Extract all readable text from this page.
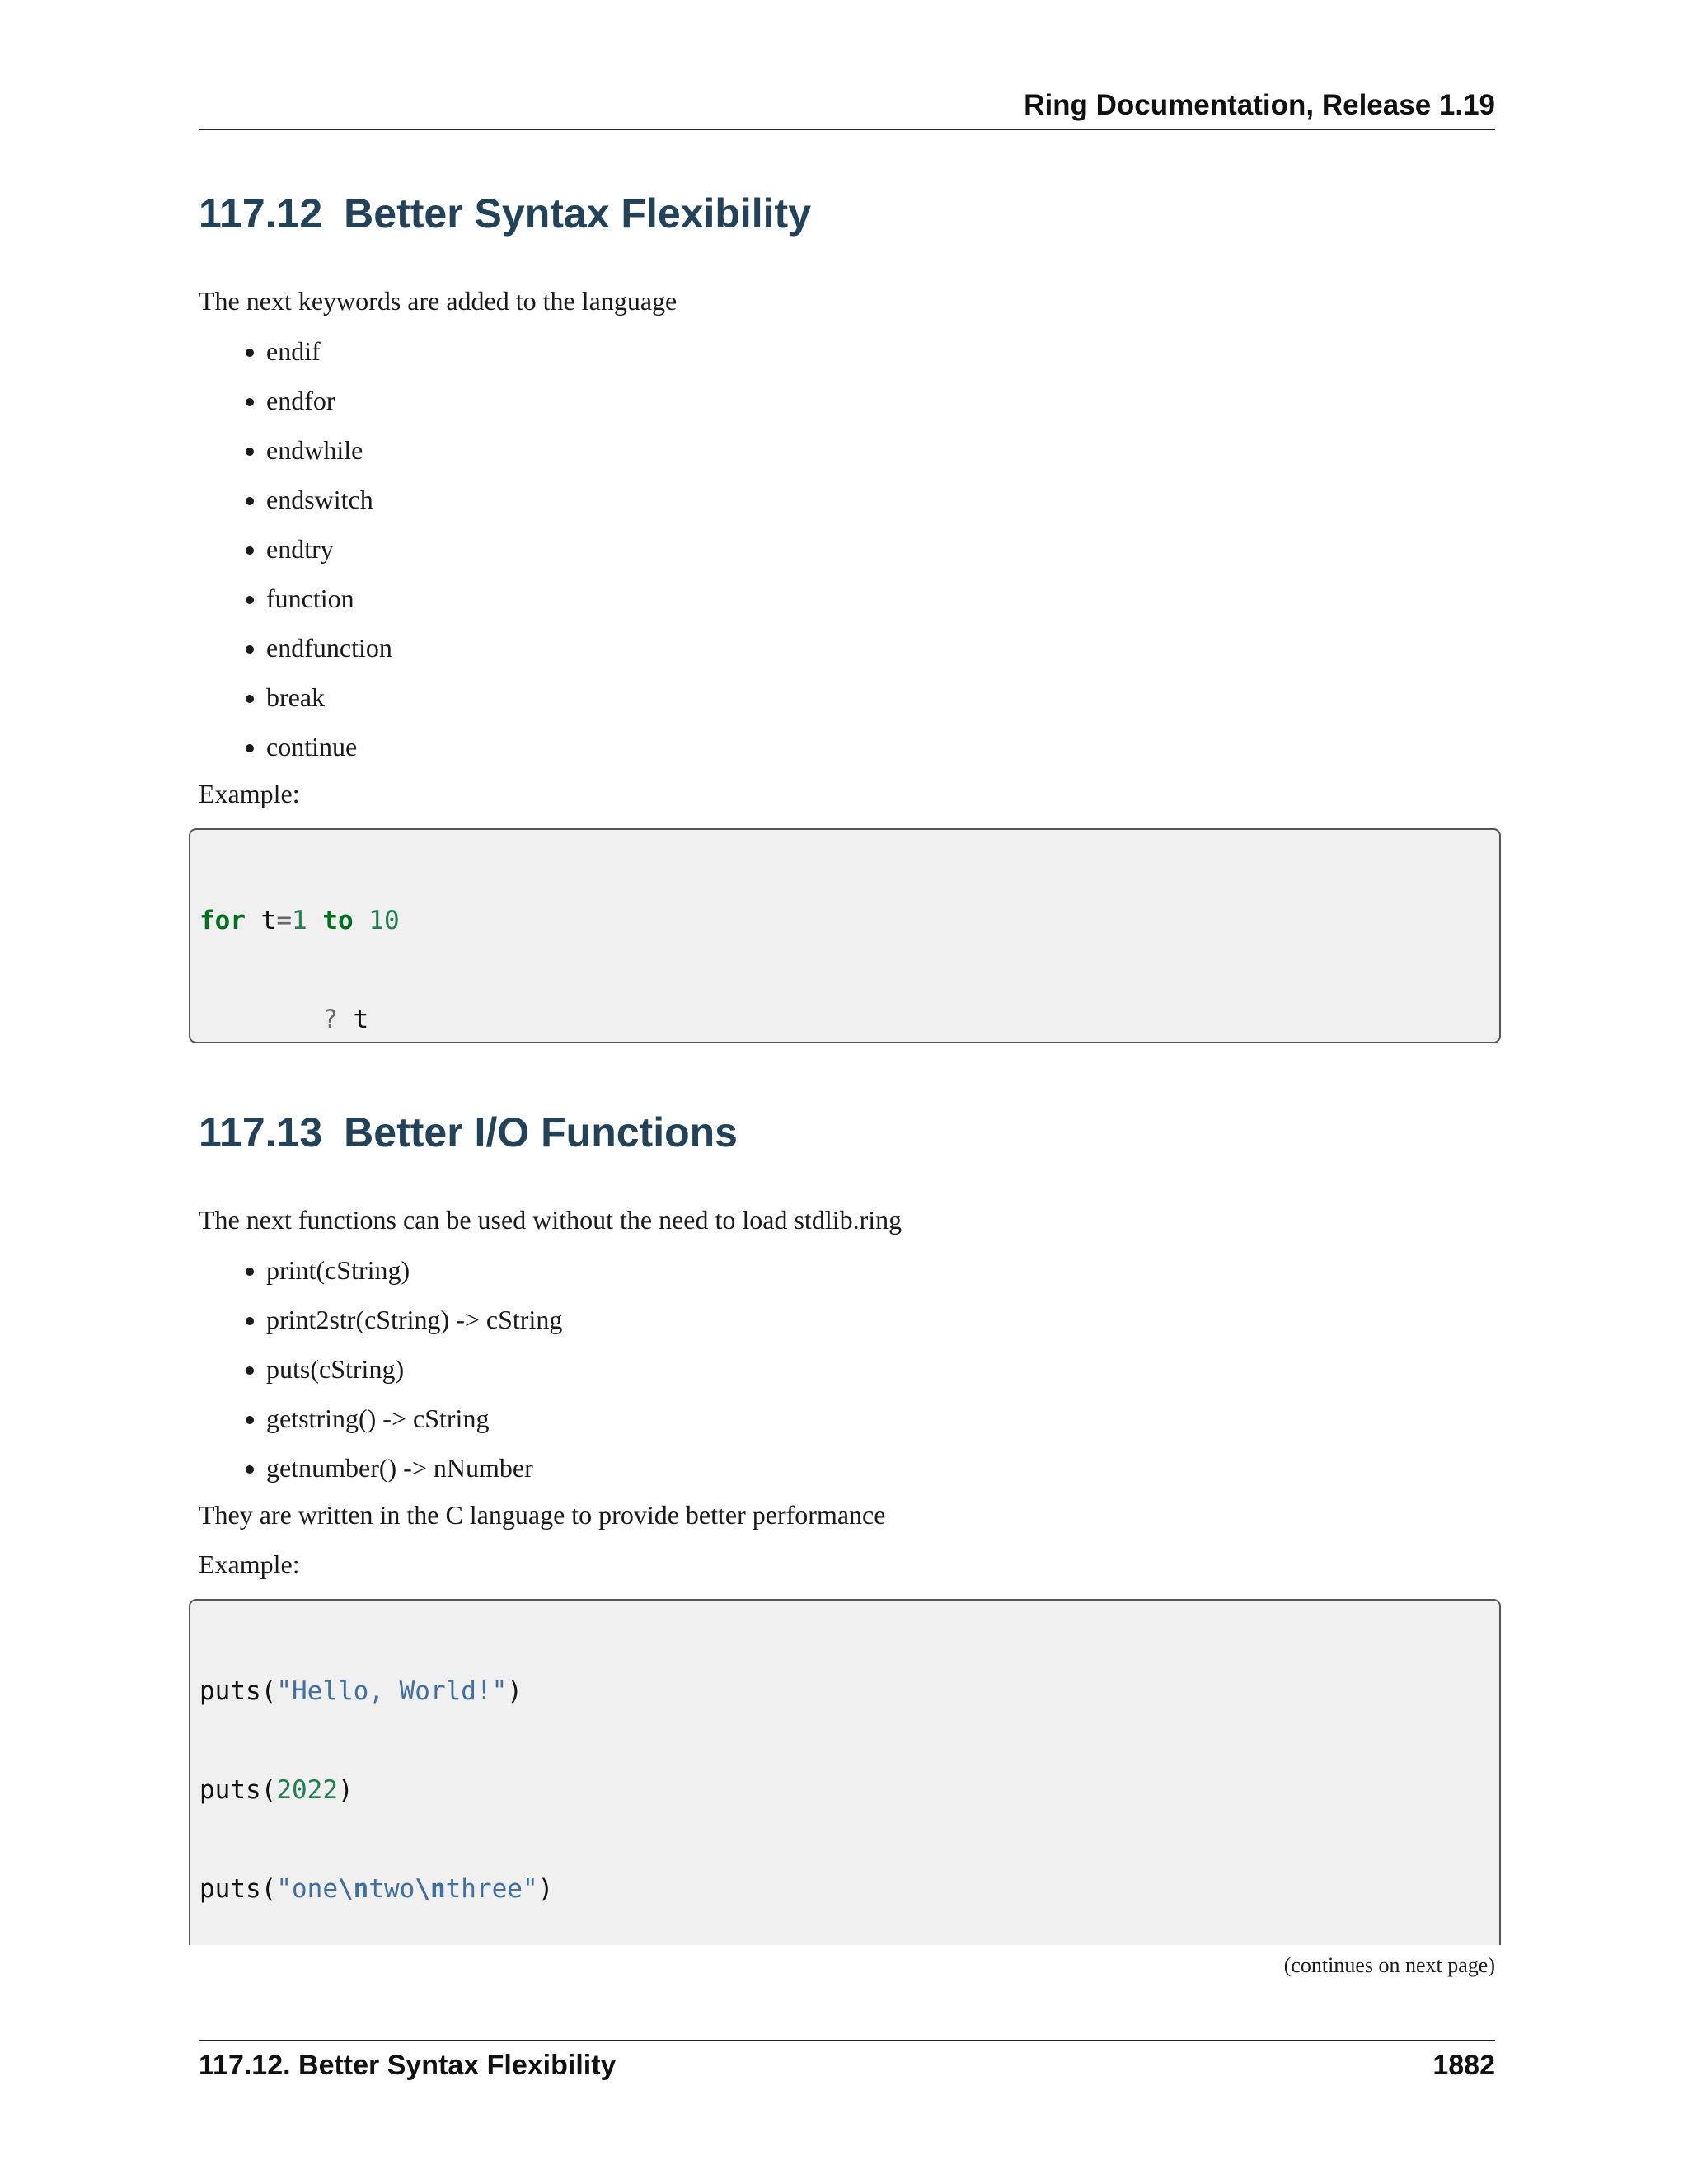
Ring Documentation, Release 1.19
117.12 Better Syntax Flexibility

The next keywords are added to the language

endif
endfor
endwhile
endswitch
endtry
function
endfunction
break
continue

Example:

for t=1 to 10

? t

117.13 Better I/O Functions

The next functions can be used without the need to load stdlib.ring

print(cString)
print2str(cString) -> cString
puts(cString)
getstring() -> cString
getnumber() -> nNumber

They are written in the C language to provide better performance

Example:

puts("Hello, World!")

puts(2022)

puts("one\ntwo\nthree")

(continues on next page)
117.12. Better Syntax Flexibility	1882
